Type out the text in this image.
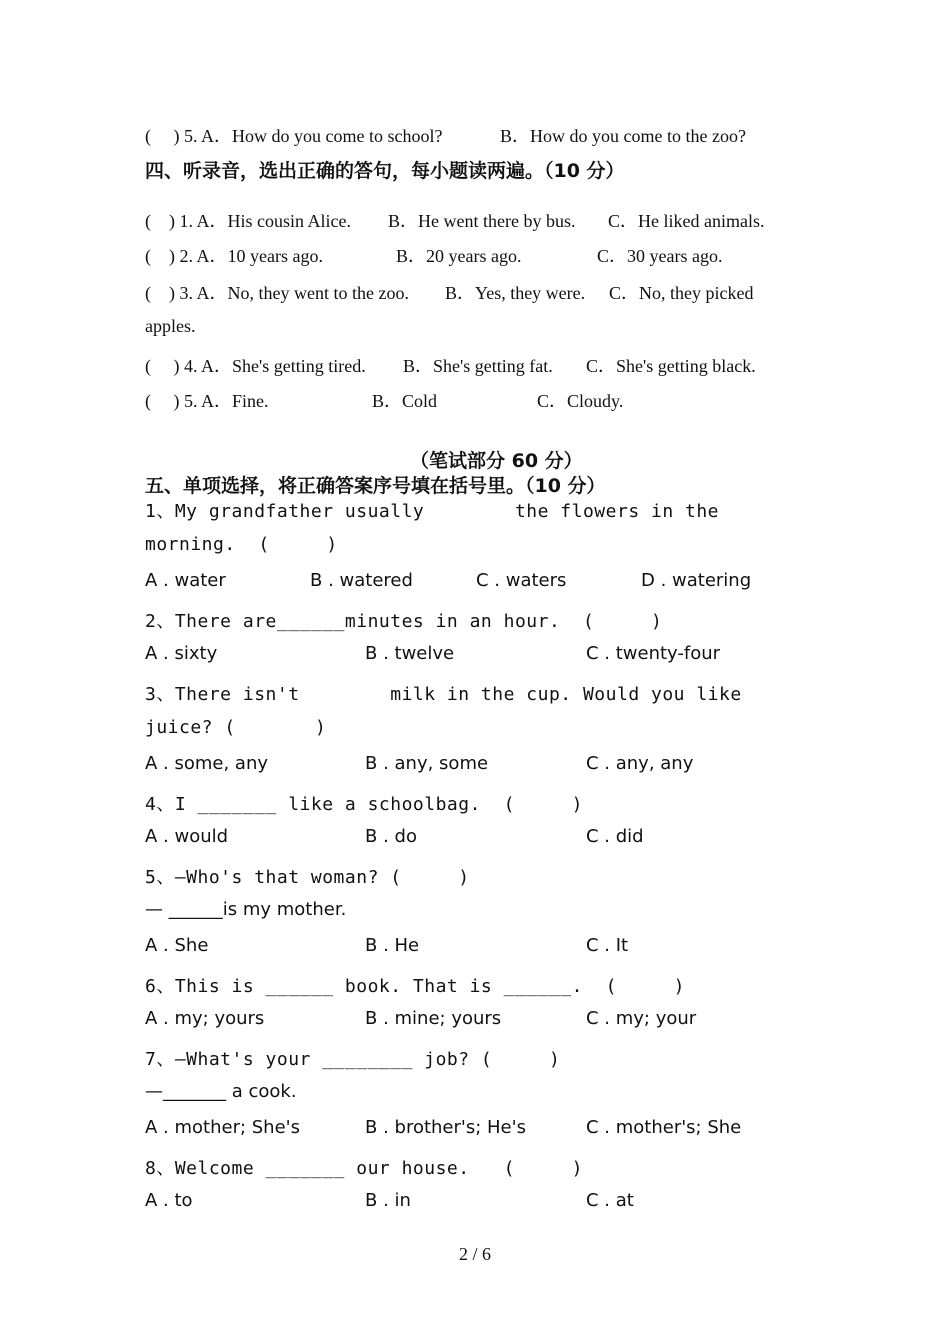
(     ) 5. A．How do you come to school?

	B．How do you come to the zoo?

四、听录音，选出正确的答句，每小题读两遍。（10 分）

(    ) 1. A．His cousin Alice.

B．He went there by bus.

C．He liked animals.

(    ) 2. A．10 years ago.

	B．20 years ago.

	C．30 years ago.

(    ) 3. A．No, they went to the zoo.

B．Yes, they were.

C．No, they picked

apples.

(     ) 4. A．She's getting tired.

B．She's getting fat.

C．She's getting black.

(     ) 5. A．Fine.

	B．Cold

	C．Cloudy.

（笔试部分 60 分）
五、单项选择，将正确答案序号填在括号里。（10 分）
1、My grandfather usually        the flowers in the
morning.  (     )

A . water

	B . watered

	C . waters

	D . watering

2、There are______minutes in an hour.  (     )

A . sixty

	B . twelve

	C . twenty-four

3、There isn't        milk in the cup. Would you like
juice? (       )

A . some, any

	B . any, some

	C . any, any

4、I _______ like a schoolbag.  (     )

A . would

	B . do

	C . did

5、—Who's that woman? (     )
— ______is my mother.

A . She

	B . He

	C . It

6、This is ______ book. That is ______.  (     )

A . my; yours

	B . mine; yours

	C . my; your

7、—What's your ________ job? (     )
—_______ a cook.

A . mother; She's

	B . brother's; He's

	C . mother's; She

8、Welcome _______ our house.   (     )

A . to

	B . in

	C . at

2 / 6
